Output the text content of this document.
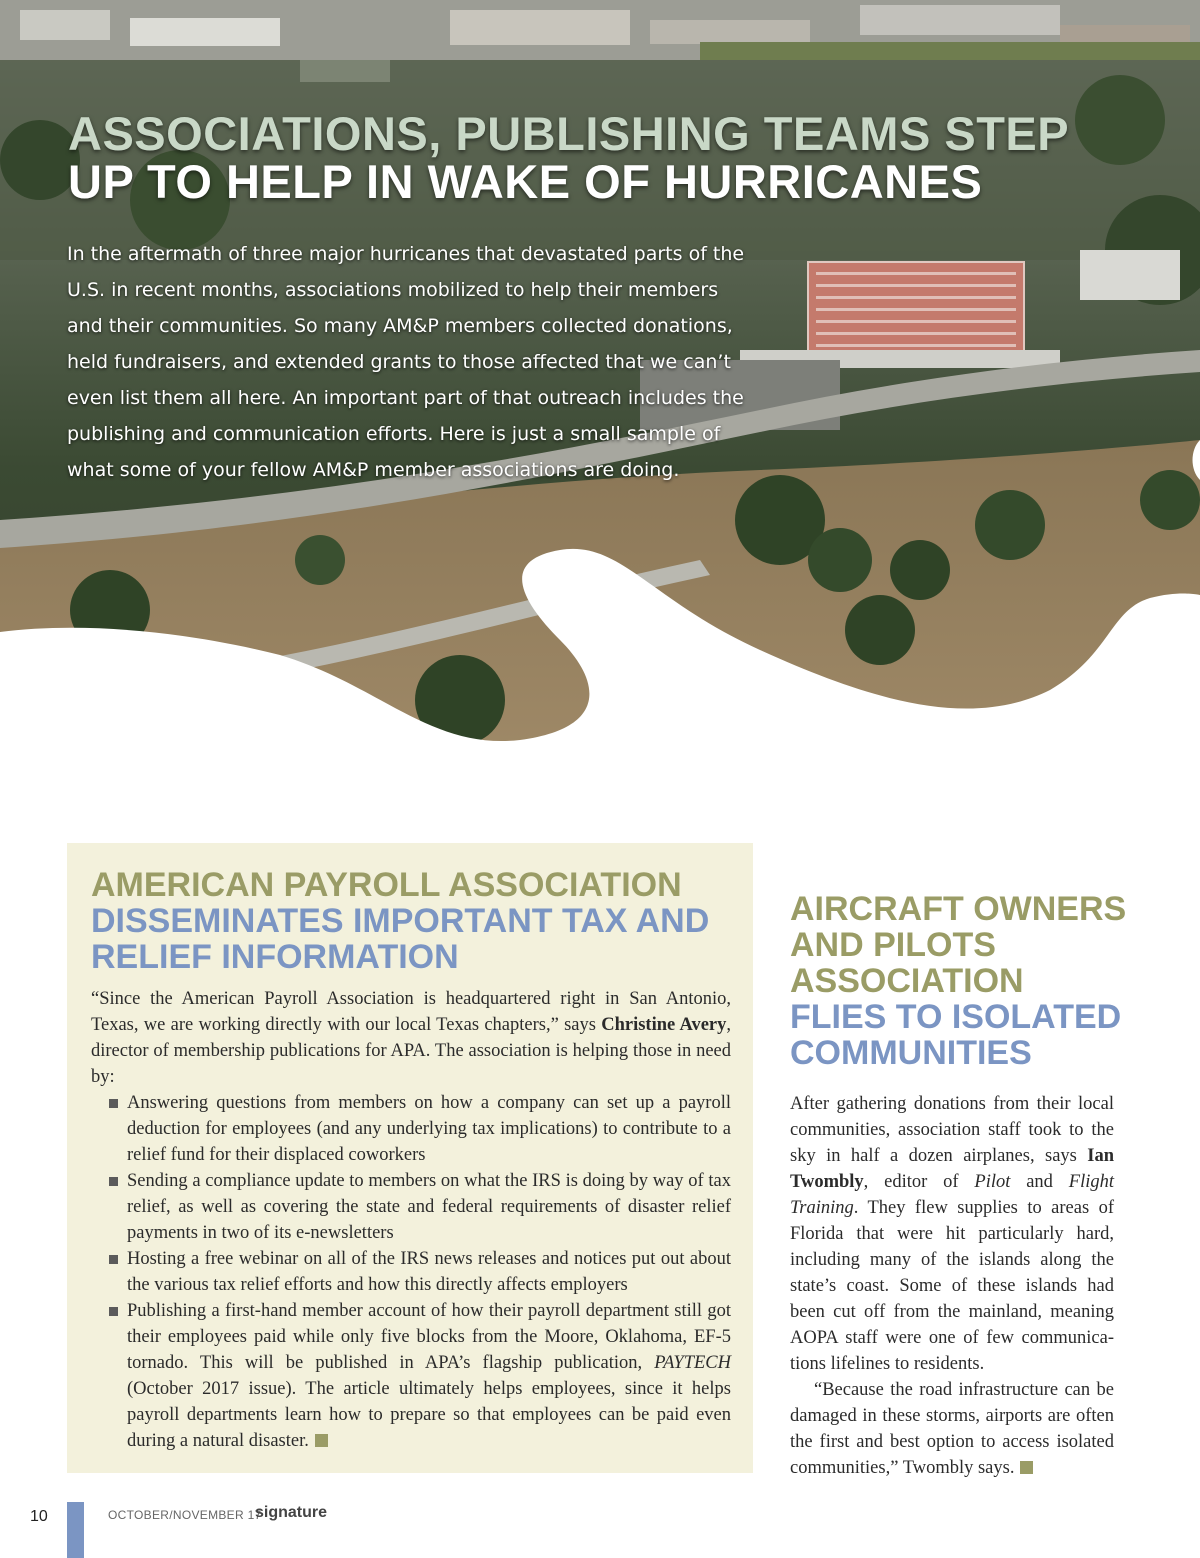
ASSOCIATIONS, PUBLISHING TEAMS STEP
UP TO HELP IN WAKE OF HURRICANES

In the aftermath of three major hurricanes that devastated parts of the U.S. in recent months, associations mobilized to help their members and their communities. So many AM&P members collected donations, held fundraisers, and extended grants to those affected that we can’t even list them all here. An important part of that outreach includes the publishing and communication efforts. Here is just a small sample of what some of your fellow AM&P member associations are doing.

AMERICAN PAYROLL ASSOCIATION
DISSEMINATES IMPORTANT TAX AND RELIEF INFORMATION

“Since the American Payroll Association is headquartered right in San Antonio, Texas, we are working directly with our local Texas chapters,” says Christine Avery, director of membership publications for APA. The association is helping those in need by:

Answering questions from members on how a company can set up a payroll deduction for employees (and any underlying tax implications) to contribute to a relief fund for their displaced coworkers
Sending a compliance update to members on what the IRS is doing by way of tax relief, as well as covering the state and federal requirements of disaster relief payments in two of its e-newsletters
Hosting a free webinar on all of the IRS news releases and notices put out about the various tax relief efforts and how this directly affects employers
Publishing a first-hand member account of how their payroll department still got their employees paid while only five blocks from the Moore, Oklahoma, EF-5 tornado. This will be published in APA’s flagship publication, PAYTECH (October 2017 issue). The article ultimately helps employees, since it helps payroll departments learn how to prepare so that employees can be paid even during a natural disaster.
AIRCRAFT OWNERS AND PILOTS ASSOCIATION
FLIES TO ISOLATED COMMUNITIES

After gathering donations from their local communities, association staff took to the sky in half a dozen airplanes, says Ian Twombly, editor of Pilot and Flight Training. They flew supplies to areas of Florida that were hit particularly hard, including many of the islands along the state’s coast. Some of these islands had been cut off from the mainland, meaning AOPA staff were one of few communications lifelines to residents.

“Because the road infrastructure can be damaged in these storms, airports are often the first and best option to access isolated communities,” Twombly says.

10	OCTOBER/NOVEMBER 17
signature
